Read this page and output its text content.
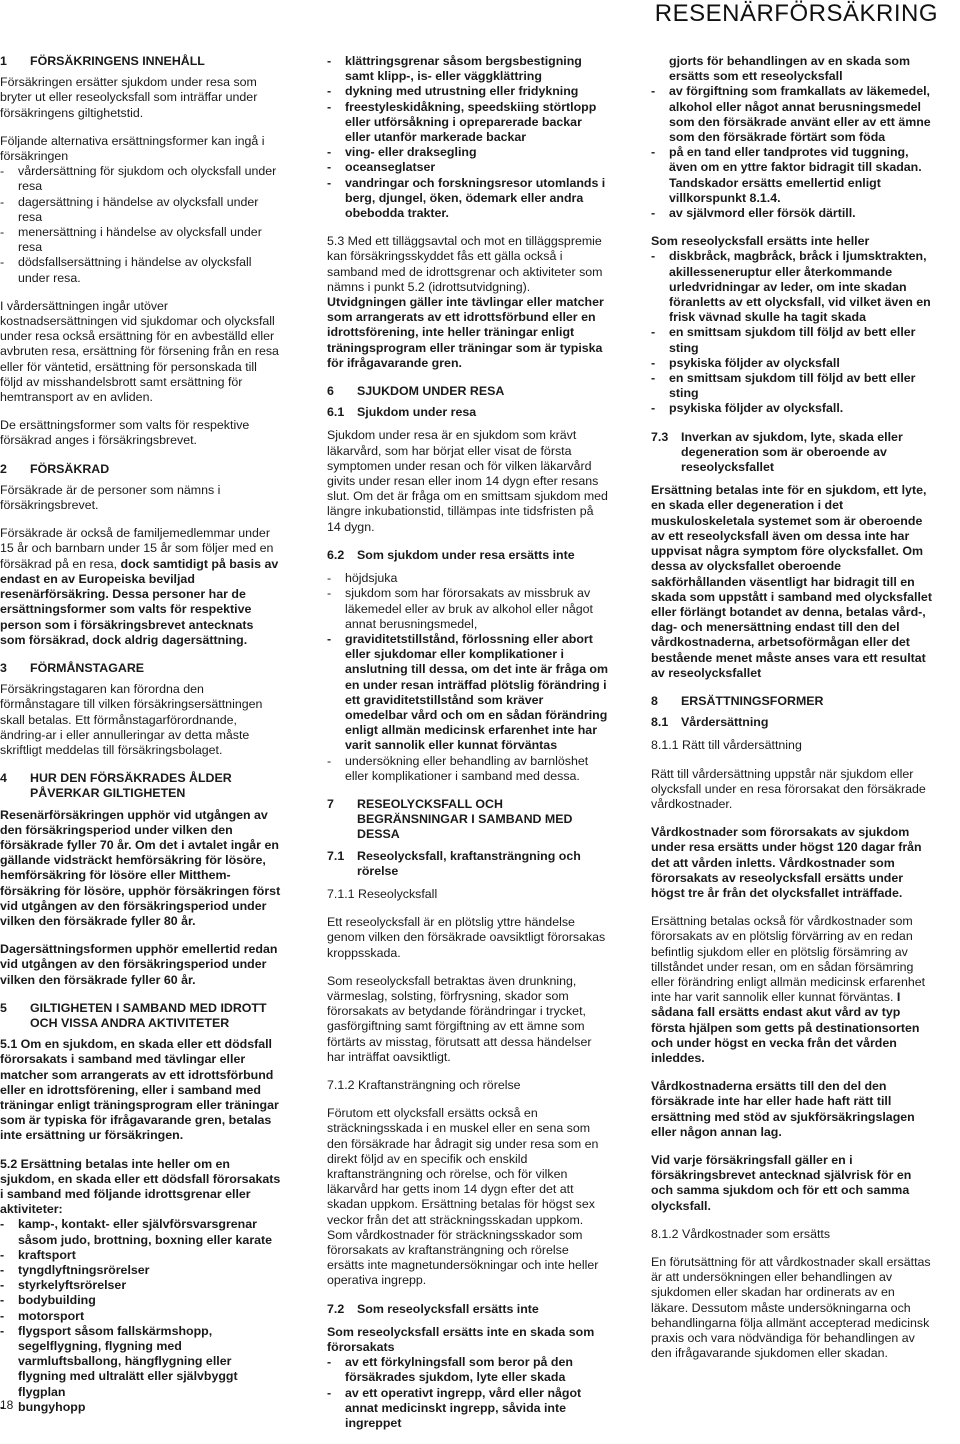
RESENÄRFÖRSÄKRING
1	FÖRSÄKRINGENS INNEHÅLL

Försäkringen ersätter sjukdom under resa som bryter ut eller reseolycksfall som inträffar under försäkringens giltighetstid.

Följande alternativa ersättningsformer kan ingå i försäkringen

- vårdersättning för sjukdom och olycksfall under resa
- dagersättning i händelse av olycksfall under resa
- menersättning i händelse av olycksfall under resa
- dödsfallsersättning i händelse av olycksfall under resa.

I vårdersättningen ingår utöver kostnadsersättningen vid sjukdomar och olycksfall under resa också ersättning för en avbeställd eller avbruten resa, ersättning för försening från en resa eller för väntetid, ersättning för personskada till följd av misshandelsbrott samt ersättning för hemtransport av en avliden.

De ersättningsformer som valts för respektive försäkrad anges i försäkringsbrevet.

2	FÖRSÄKRAD

Försäkrade är de personer som nämns i försäkringsbrevet.

Försäkrade är också de familjemedlemmar under 15 år och barnbarn under 15 år som följer med en försäkrad på en resa, dock samtidigt på basis av endast en av Europeiska beviljad resenärförsäkring. Dessa personer har de ersättningsformer som valts för respektive person som i försäkringsbrevet antecknats som försäkrad, dock aldrig dagersättning.

3	FÖRMÅNSTAGARE

Försäkringstagaren kan förordna den förmånstagare till vilken försäkringsersättningen skall betalas. Ett förmånstagarförordnande, ändring-ar i eller annulleringar av detta måste skriftligt meddelas till försäkringsbolaget.

4	HUR DEN FÖRSÄKRADES ÅLDER PÅVERKAR GILTIGHETEN

Resenärförsäkringen upphör vid utgången av den försäkringsperiod under vilken den försäkrade fyller 70 år. Om det i avtalet ingår en gällande vidsträckt hemförsäkring för lösöre, hemförsäkring för lösöre eller Mitthem-försäkring för lösöre, upphör försäkringen först vid utgången av den försäkringsperiod under vilken den försäkrade fyller 80 år.

Dagersättningsformen upphör emellertid redan vid utgången av den försäkringsperiod under vilken den försäkrade fyller 60 år.

5	GILTIGHETEN I SAMBAND MED IDROTT OCH VISSA ANDRA AKTIVITETER

5.1 Om en sjukdom, en skada eller ett dödsfall förorsakats i samband med tävlingar eller matcher som arrangerats av ett idrottsförbund eller en idrottsförening, eller i samband med träningar enligt träningsprogram eller träningar som är typiska för ifrågavarande gren, betalas inte ersättning ur försäkringen.

5.2 Ersättning betalas inte heller om en sjukdom, en skada eller ett dödsfall förorsakats i samband med följande idrottsgrenar eller aktiviteter:

- kamp-, kontakt- eller självförsvarsgrenar såsom judo, brottning, boxning eller karate
- kraftsport
- tyngdlyftningsrörelser
- styrkelyftsrörelser
- bodybuilding
- motorsport
- flygsport såsom fallskärmshopp, segelflygning, flygning med varmluftsballong, hängflygning eller flygning med ultralätt eller självbyggt flygplan
- bungyhopp
- klättringsgrenar såsom bergsbestigning samt klipp-, is- eller väggklättring
- dykning med utrustning eller fridykning
- freestyleskidåkning, speedskiing störtlopp eller utförsåkning i opreparerade backar eller utanför markerade backar
- ving- eller draksegling
- oceanseglatser
- vandringar och forskningsresor utomlands i berg, djungel, öken, ödemark eller andra obebodda trakter.

5.3 Med ett tilläggsavtal och mot en tilläggspremie kan försäkringsskyddet fås ett gälla också i samband med de idrottsgrenar och aktiviteter som nämns i punkt 5.2 (idrottsutvidgning). Utvidgningen gäller inte tävlingar eller matcher som arrangerats av ett idrottsförbund eller en idrottsförening, inte heller träningar enligt träningsprogram eller träningar som är typiska för ifrågavarande gren.

6	SJUKDOM UNDER RESA
6.1	Sjukdom under resa

Sjukdom under resa är en sjukdom som krävt läkarvård, som har börjat eller visat de första symptomen under resan och för vilken läkarvård givits under resan eller inom 14 dygn efter resans slut. Om det är fråga om en smittsam sjukdom med längre inkubationstid, tillämpas inte tidsfristen på 14 dygn.

6.2	Som sjukdom under resa ersätts inte
- höjdsjuka
- sjukdom som har förorsakats av missbruk av läkemedel eller av bruk av alkohol eller något annat berusningsmedel,
- graviditetstillstånd, förlossning eller abort eller sjukdomar eller komplikationer i anslutning till dessa, om det inte är fråga om en under resan inträffad plötslig förändring i ett graviditetstillstånd som kräver omedelbar vård och om en sådan förändring enligt allmän medicinsk erfarenhet inte har varit sannolik eller kunnat förväntas
- undersökning eller behandling av barnlöshet eller komplikationer i samband med dessa.
7	RESEOLYCKSFALL OCH BEGRÄNSNINGAR I SAMBAND MED DESSA
7.1	Reseolycksfall, kraftansträngning och rörelse

7.1.1 Reseolycksfall

Ett reseolycksfall är en plötslig yttre händelse genom vilken den försäkrade oavsiktligt förorsakas kroppsskada.

Som reseolycksfall betraktas även drunkning, värmeslag, solsting, förfrysning, skador som förorsakats av betydande förändringar i trycket, gasförgiftning samt förgiftning av ett ämne som förtärts av misstag, förutsatt att dessa händelser har inträffat oavsiktligt.

7.1.2 Kraftansträngning och rörelse

Förutom ett olycksfall ersätts också en sträckningsskada i en muskel eller en sena som den försäkrade har ådragit sig under resa som en direkt följd av en specifik och enskild kraftansträngning och rörelse, och för vilken läkarvård har getts inom 14 dygn efter det att skadan uppkom. Ersättning betalas för högst sex veckor från det att sträckningsskadan uppkom. Som vårdkostnader för sträckningsskador som förorsakats av kraftansträngning och rörelse ersätts inte magnetundersökningar och inte heller operativa ingrepp.

7.2	Som reseolycksfall ersätts inte

Som reseolycksfall ersätts inte en skada som förorsakats

- av ett förkylningsfall som beror på den försäkrades sjukdom, lyte eller skada
- av ett operativt ingrepp, vård eller något annat medicinskt ingrepp, såvida inte ingreppet

gjorts för behandlingen av en skada som ersätts som ett reseolycksfall

- av förgiftning som framkallats av läkemedel, alkohol eller något annat berusningsmedel som den försäkrade använt eller av ett ämne som den försäkrade förtärt som föda
- på en tand eller tandprotes vid tuggning, även om en yttre faktor bidragit till skadan. Tandskador ersätts emellertid enligt villkorspunkt 8.1.4.
- av självmord eller försök därtill.

Som reseolycksfall ersätts inte heller

- diskbråck, magbråck, bråck i ljumsktrakten, akillesseneruptur eller återkommande urledvridningar av leder, om inte skadan föranletts av ett olycksfall, vid vilket även en frisk vävnad skulle ha tagit skada
- en smittsam sjukdom till följd av bett eller sting
- psykiska följder av olycksfall
- en smittsam sjukdom till följd av bett eller sting
- psykiska följder av olycksfall.
7.3	Inverkan av sjukdom, lyte, skada eller degeneration som är oberoende av reseolycksfallet

Ersättning betalas inte för en sjukdom, ett lyte, en skada eller degeneration i det muskuloskeletala systemet som är oberoende av ett reseolycksfall även om dessa inte har uppvisat några symptom före olycksfallet. Om dessa av olycksfallet oberoende sakförhållanden väsentligt har bidragit till en skada som uppstått i samband med olycksfallet eller förlängt botandet av denna, betalas vård-, dag- och menersättning endast till den del vårdkostnaderna, arbetsoförmågan eller det bestående menet måste anses vara ett resultat av reseolycksfallet

8	ERSÄTTNINGSFORMER
8.1	Vårdersättning

8.1.1 Rätt till vårdersättning

Rätt till vårdersättning uppstår när sjukdom eller olycksfall under en resa förorsakat den försäkrade vårdkostnader.

Vårdkostnader som förorsakats av sjukdom under resa ersätts under högst 120 dagar från det att vården inletts. Vårdkostnader som förorsakats av reseolycksfall ersätts under högst tre år från det olycksfallet inträffade.

Ersättning betalas också för vårdkostnader som förorsakats av en plötslig förvärring av en redan befintlig sjukdom eller en plötslig försämring av tillståndet under resan, om en sådan försämring eller förändring enligt allmän medicinsk erfarenhet inte har varit sannolik eller kunnat förväntas. I sådana fall ersätts endast akut vård av typ första hjälpen som getts på destinationsorten och under högst en vecka från det vården inleddes.

Vårdkostnaderna ersätts till den del den försäkrade inte har eller hade haft rätt till ersättning med stöd av sjukförsäkringslagen eller någon annan lag.

Vid varje försäkringsfall gäller en i försäkringsbrevet antecknad självrisk för en och samma sjukdom och för ett och samma olycksfall.

8.1.2 Vårdkostnader som ersätts

En förutsättning för att vårdkostnader skall ersättas är att undersökningen eller behandlingen av sjukdomen eller skadan har ordinerats av en läkare. Dessutom måste undersökningarna och behandlingarna följa allmänt accepterad medicinsk praxis och vara nödvändiga för behandlingen av den ifrågavarande sjukdomen eller skadan.

18
